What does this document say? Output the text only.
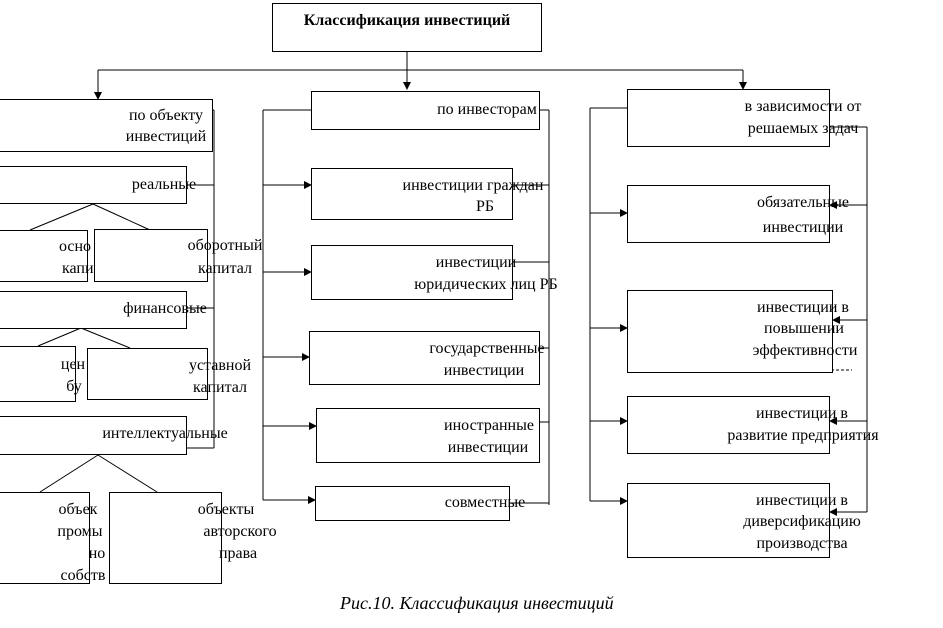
Классификация инвестиций
по объекту
инвестиций
реальные
осно
капи
оборотный
капитал
финансовые
цен
бу
уставной
капитал
интеллектуальные
объек
промы
но
собств
объекты
авторского
права
по инвесторам
инвестиции граждан
РБ
инвестиции
юридических лиц РБ
государственные
инвестиции
иностранные
инвестиции
совместные
в зависимости от
решаемых задач
обязательные
инвестиции
инвестиции в
повышении
эффективности
инвестиции в
развитие предприятия
инвестиции в
диверсификацию
производства
Рис.10. Классификация инвестиций
